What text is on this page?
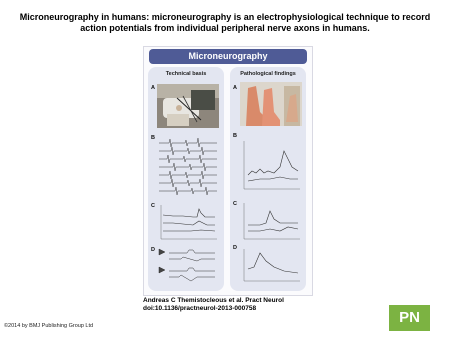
Microneurography in humans: microneurography is an electrophysiological technique to record action potentials from individual peripheral nerve axons in humans.
Microneurography
Technical basis
A
B
C
D
Pathological findings
A
B
C
D
Andreas C Themistocleous et al. Pract Neurol
doi:10.1136/practneurol-2013-000758
©2014 by BMJ Publishing Group Ltd	PN
